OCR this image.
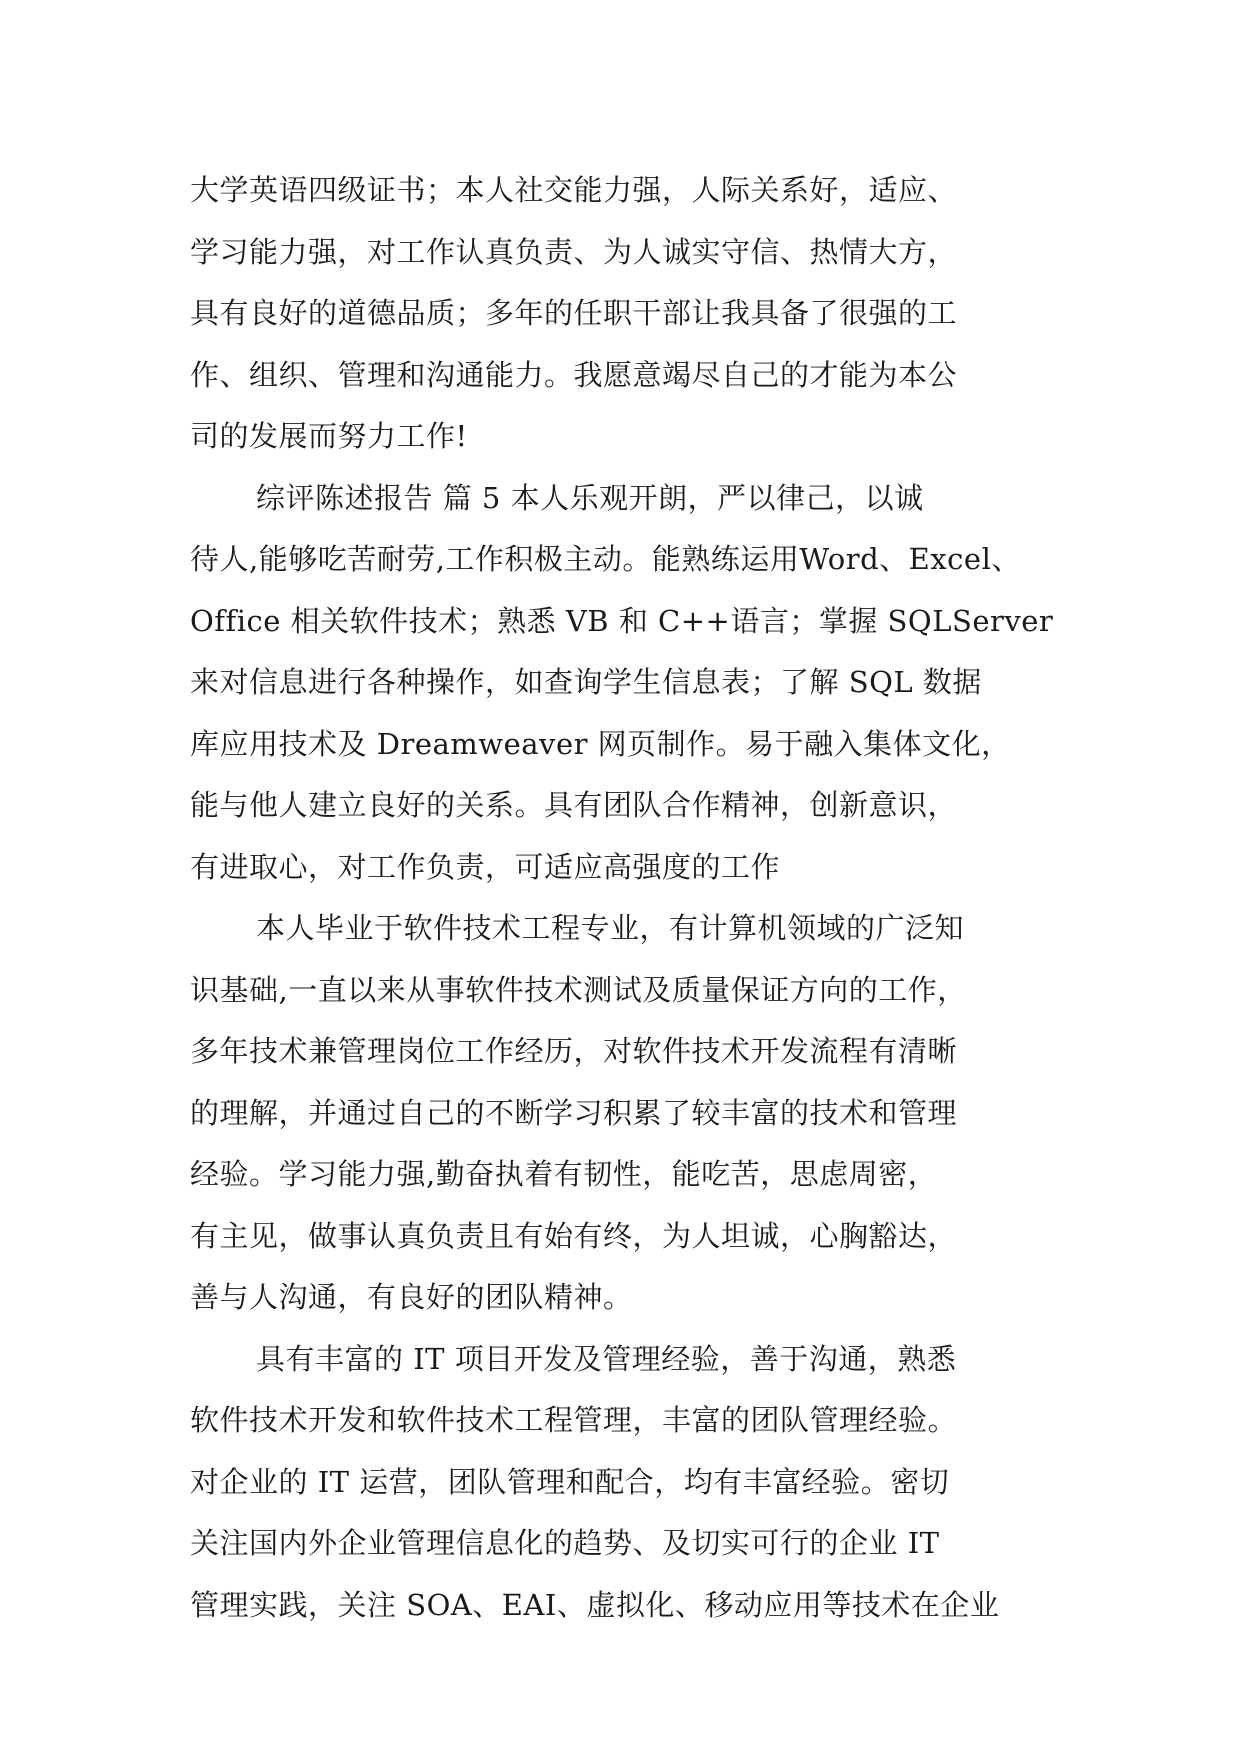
大学英语四级证书；本人社交能力强，人际关系好，适应、
学习能力强，对工作认真负责、为人诚实守信、热情大方，
具有良好的道德品质；多年的任职干部让我具备了很强的工
作、组织、管理和沟通能力。我愿意竭尽自己的才能为本公
司的发展而努力工作!
综评陈述报告 篇 5 本人乐观开朗，严以律己，以诚
待人,能够吃苦耐劳,工作积极主动。能熟练运用Word、Excel、
Office 相关软件技术；熟悉 VB 和 C++语言；掌握 SQLServer
来对信息进行各种操作，如查询学生信息表；了解 SQL 数据
库应用技术及 Dreamweaver 网页制作。易于融入集体文化，
能与他人建立良好的关系。具有团队合作精神，创新意识，
有进取心，对工作负责，可适应高强度的工作
本人毕业于软件技术工程专业，有计算机领域的广泛知
识基础,一直以来从事软件技术测试及质量保证方向的工作，
多年技术兼管理岗位工作经历，对软件技术开发流程有清晰
的理解，并通过自己的不断学习积累了较丰富的技术和管理
经验。学习能力强,勤奋执着有韧性，能吃苦，思虑周密，
有主见，做事认真负责且有始有终，为人坦诚，心胸豁达，
善与人沟通，有良好的团队精神。
具有丰富的 IT 项目开发及管理经验，善于沟通，熟悉
软件技术开发和软件技术工程管理，丰富的团队管理经验。
对企业的 IT 运营，团队管理和配合，均有丰富经验。密切
关注国内外企业管理信息化的趋势、及切实可行的企业 IT
管理实践，关注 SOA、EAI、虚拟化、移动应用等技术在企业
